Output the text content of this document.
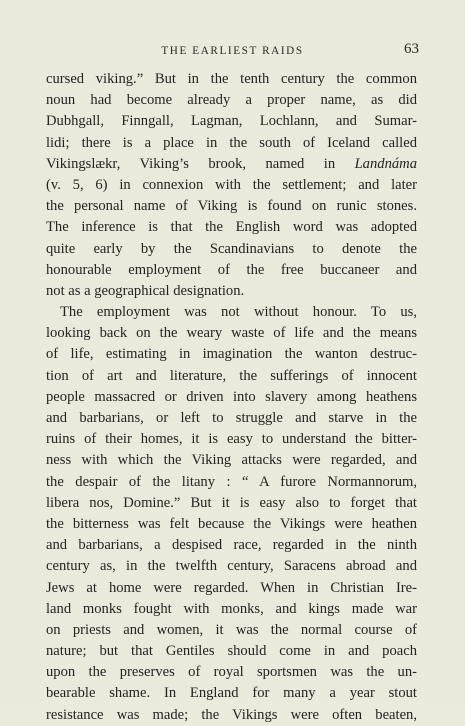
THE EARLIEST RAIDS	63
cursed viking.” But in the tenth century the common
noun had become already a proper name, as did
Dubhgall, Finngall, Lagman, Lochlann, and Sumar-
lidi; there is a place in the south of Iceland called
Vikingslækr, Viking’s brook, named in Landnáma
(v. 5, 6) in connexion with the settlement; and later
the personal name of Viking is found on runic stones.
The inference is that the English word was adopted
quite early by the Scandinavians to denote the
honourable employment of the free buccaneer and
not as a geographical designation.
The employment was not without honour. To us,
looking back on the weary waste of life and the means
of life, estimating in imagination the wanton destruc-
tion of art and literature, the sufferings of innocent
people massacred or driven into slavery among heathens
and barbarians, or left to struggle and starve in the
ruins of their homes, it is easy to understand the bitter-
ness with which the Viking attacks were regarded, and
the despair of the litany : “ A furore Normannorum,
libera nos, Domine.” But it is easy also to forget that
the bitterness was felt because the Vikings were heathen
and barbarians, a despised race, regarded in the ninth
century as, in the twelfth century, Saracens abroad and
Jews at home were regarded. When in Christian Ire-
land monks fought with monks, and kings made war
on priests and women, it was the normal course of
nature; but that Gentiles should come in and poach
upon the preserves of royal sportsmen was the un-
bearable shame. In England for many a year stout
resistance was made; the Vikings were often beaten,
